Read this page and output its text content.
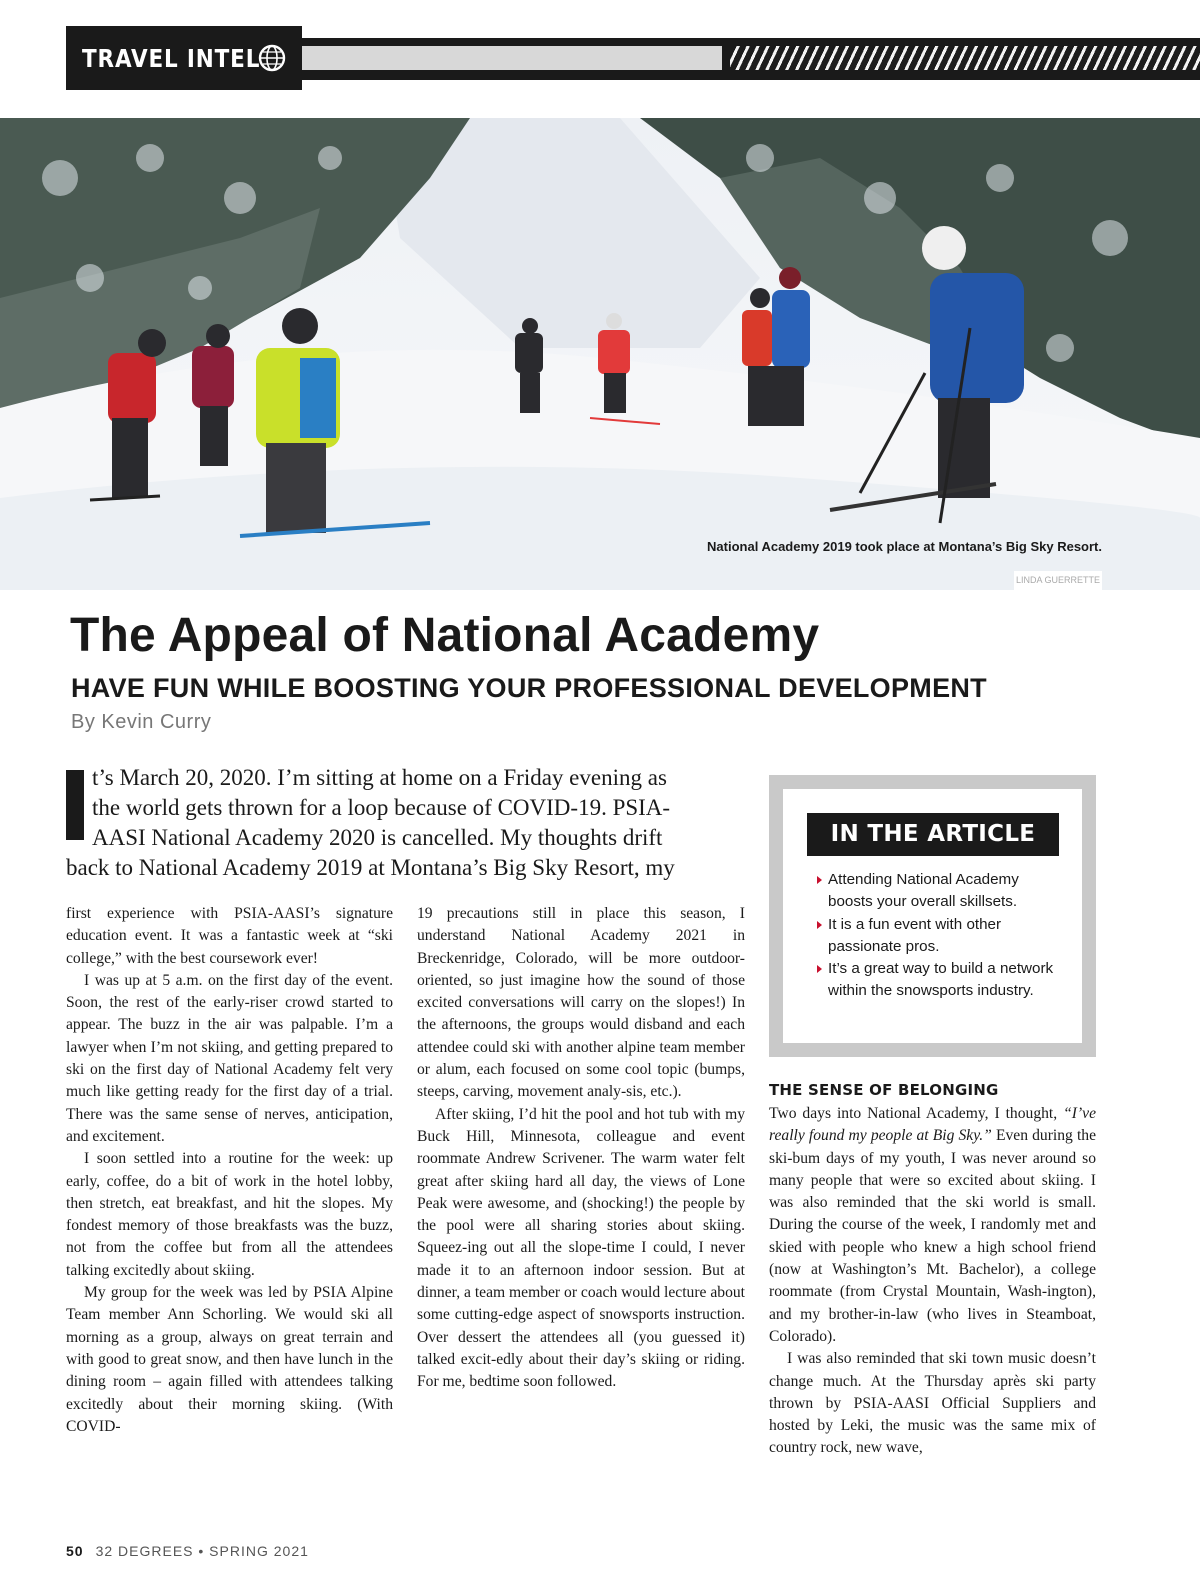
TRAVEL INTEL
National Academy 2019 took place at Montana’s Big Sky Resort.
LINDA GUERRETTE
The Appeal of National Academy
HAVE FUN WHILE BOOSTING YOUR PROFESSIONAL DEVELOPMENT
By Kevin Curry
t’s March 20, 2020. I’m sitting at home on a Friday evening as
the world gets thrown for a loop because of COVID-19. PSIA-
AASI National Academy 2020 is cancelled. My thoughts drift
back to National Academy 2019 at Montana’s Big Sky Resort, my

first experience with PSIA-AASI’s signature education event. It was a fantastic week at “ski college,” with the best coursework ever!

I was up at 5 a.m. on the first day of the event. Soon, the rest of the early-riser crowd started to appear. The buzz in the air was palpable. I’m a lawyer when I’m not skiing, and getting prepared to ski on the first day of National Academy felt very much like getting ready for the first day of a trial. There was the same sense of nerves, anticipation, and excitement.

I soon settled into a routine for the week: up early, coffee, do a bit of work in the hotel lobby, then stretch, eat breakfast, and hit the slopes. My fondest memory of those breakfasts was the buzz, not from the coffee but from all the attendees talking excitedly about skiing.

My group for the week was led by PSIA Alpine Team member Ann Schorling. We would ski all morning as a group, always on great terrain and with good to great snow, and then have lunch in the dining room – again filled with attendees talking excitedly about their morning skiing. (With COVID-

19 precautions still in place this season, I understand National Academy 2021 in Breckenridge, Colorado, will be more outdoor-oriented, so just imagine how the sound of those excited conversations will carry on the slopes!) In the afternoons, the groups would disband and each attendee could ski with another alpine team member or alum, each focused on some cool topic (bumps, steeps, carving, movement analy-sis, etc.).

After skiing, I’d hit the pool and hot tub with my Buck Hill, Minnesota, colleague and event roommate Andrew Scrivener. The warm water felt great after skiing hard all day, the views of Lone Peak were awesome, and (shocking!) the people by the pool were all sharing stories about skiing. Squeez-ing out all the slope-time I could, I never made it to an afternoon indoor session. But at dinner, a team member or coach would lecture about some cutting-edge aspect of snowsports instruction. Over dessert the attendees all (you guessed it) talked excit-edly about their day’s skiing or riding. For me, bedtime soon followed.

IN THE ARTICLE
Attending National Academy boosts your overall skillsets.
It is a fun event with other passionate pros.
It’s a great way to build a network within the snowsports industry.
THE SENSE OF BELONGING

Two days into National Academy, I thought, “I’ve really found my people at Big Sky.” Even during the ski-bum days of my youth, I was never around so many people that were so excited about skiing. I was also reminded that the ski world is small. During the course of the week, I randomly met and skied with people who knew a high school friend (now at Washington’s Mt. Bachelor), a college roommate (from Crystal Mountain, Wash-ington), and my brother-in-law (who lives in Steamboat, Colorado).

I was also reminded that ski town music doesn’t change much. At the Thursday après ski party thrown by PSIA-AASI Official Suppliers and hosted by Leki, the music was the same mix of country rock, new wave,

50 32 DEGREES • SPRING 2021
